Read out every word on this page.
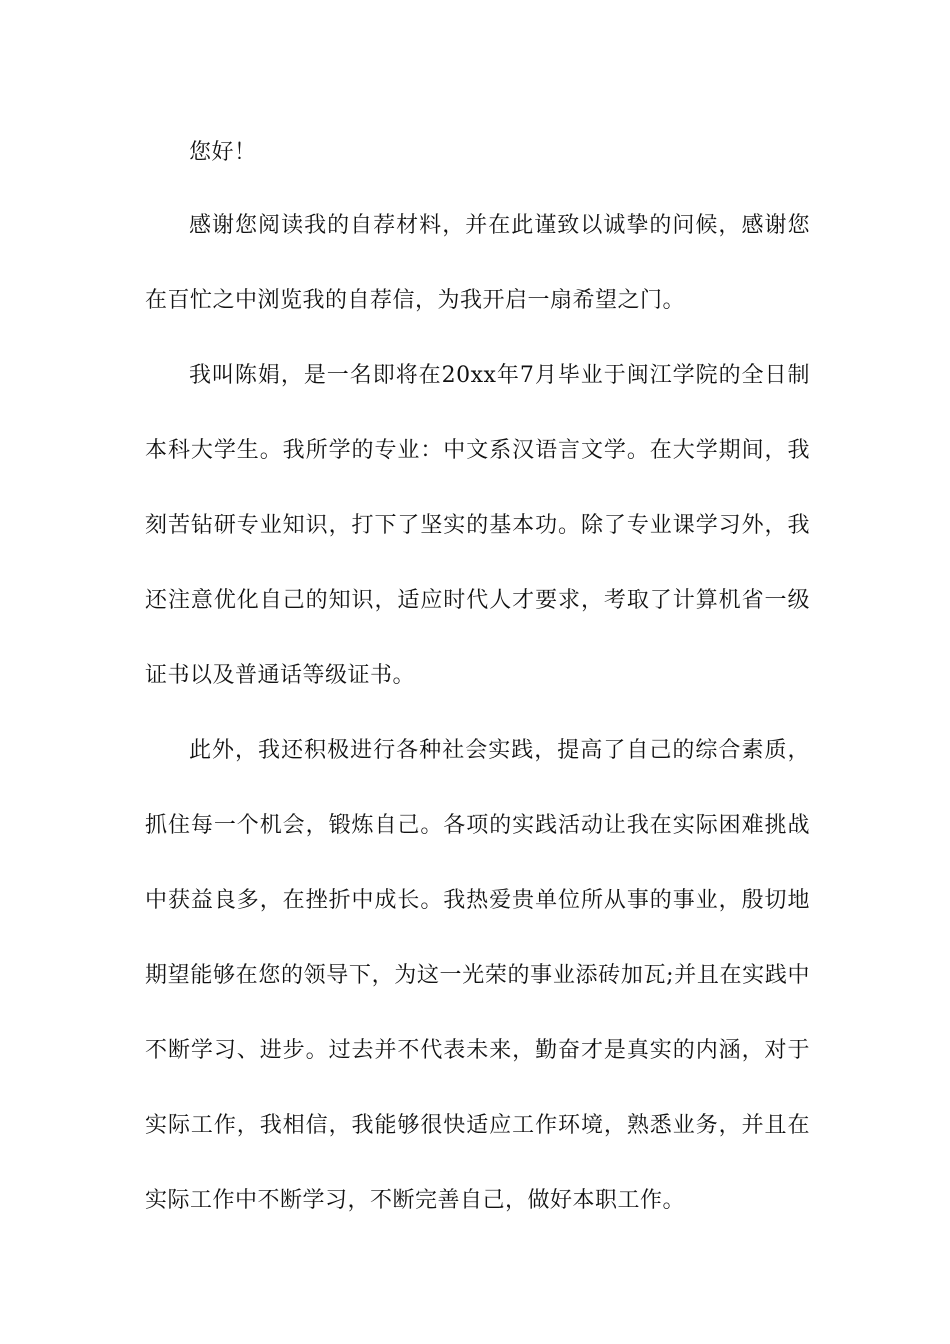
您好！

感谢您阅读我的自荐材料，并在此谨致以诚挚的问候，感谢您在百忙之中浏览我的自荐信，为我开启一扇希望之门。

我叫陈娟，是一名即将在20xx年7月毕业于闽江学院的全日制本科大学生。我所学的专业：中文系汉语言文学。在大学期间，我刻苦钻研专业知识，打下了坚实的基本功。除了专业课学习外，我还注意优化自己的知识，适应时代人才要求，考取了计算机省一级证书以及普通话等级证书。

此外，我还积极进行各种社会实践，提高了自己的综合素质，抓住每一个机会，锻炼自己。各项的实践活动让我在实际困难挑战中获益良多，在挫折中成长。我热爱贵单位所从事的事业，殷切地期望能够在您的领导下，为这一光荣的事业添砖加瓦;并且在实践中不断学习、进步。过去并不代表未来，勤奋才是真实的内涵，对于实际工作，我相信，我能够很快适应工作环境，熟悉业务，并且在实际工作中不断学习，不断完善自己，做好本职工作。
